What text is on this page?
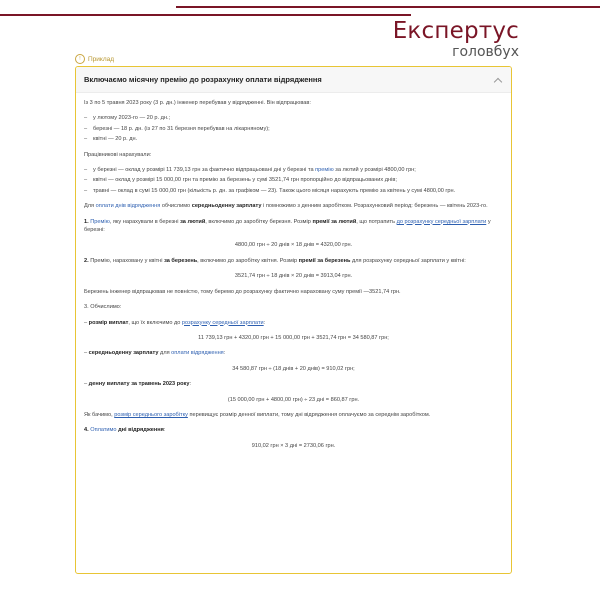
Експертус
головбух
!	Приклад
Включаємо місячну премію до розрахунку оплати відрядження

Із 3 по 5 травня 2023 року (3 р. дн.) інженер перебував у відрядженні. Він відпрацював:

– у лютому 2023-го — 20 р. дн.;
– березні — 18 р. дн. (із 27 по 31 березня перебував на лікарняному);
– квітні — 20 р. дн.

Працівникові нарахували:

– у березні — оклад у розмірі 11 739,13 грн за фактично відпрацьовані дні у березні та премію за лютий у розмірі 4800,00 грн;
– квітні — оклад у розмірі 15 000,00 грн та премію за березень у сумі 3521,74 грн пропорційно до відпрацьованих днів;
– травні — оклад в сумі 15 000,00 грн (кількість р. дн. за графіком — 23). Також цього місяця нарахують премію за квітень у сумі 4800,00 грн.

Для оплати днів відрядження обчислимо середньоденну зарплату і помножимо з денним заробітком. Розрахунковий період: березень — квітень 2023-го.

1. Премію, яку нарахували в березні за лютий, включимо до заробітку березня. Розмір премії за лютий, що потрапить до розрахунку середньої зарплати у березні:

4800,00 грн ÷ 20 днів × 18 днів = 4320,00 грн.

2. Премію, нараховану у квітні за березень, включимо до заробітку квітня. Розмір премії за березень для розрахунку середньої зарплати у квітні:

3521,74 грн ÷ 18 днів × 20 днів = 3913,04 грн.

Березень інженер відпрацював не повністю, тому беремо до розрахунку фактично нараховану суму премії —3521,74 грн.

3. Обчислимо:

– розмір виплат, що їх включимо до розрахунку середньої зарплати:

11 739,13 грн + 4320,00 грн + 15 000,00 грн + 3521,74 грн = 34 580,87 грн;

– середньоденну зарплату для оплати відрядження:

34 580,87 грн ÷ (18 днів + 20 днів) = 910,02 грн;

– денну виплату за травень 2023 року:

(15 000,00 грн + 4800,00 грн) ÷ 23 дні = 860,87 грн.

Як бачимо, розмір середнього заробітку перевищує розмір денної виплати, тому дні відрядження оплачуємо за середнім заробітком.

4. Оплатимо дні відрядження:

910,02 грн × 3 дні = 2730,06 грн.
